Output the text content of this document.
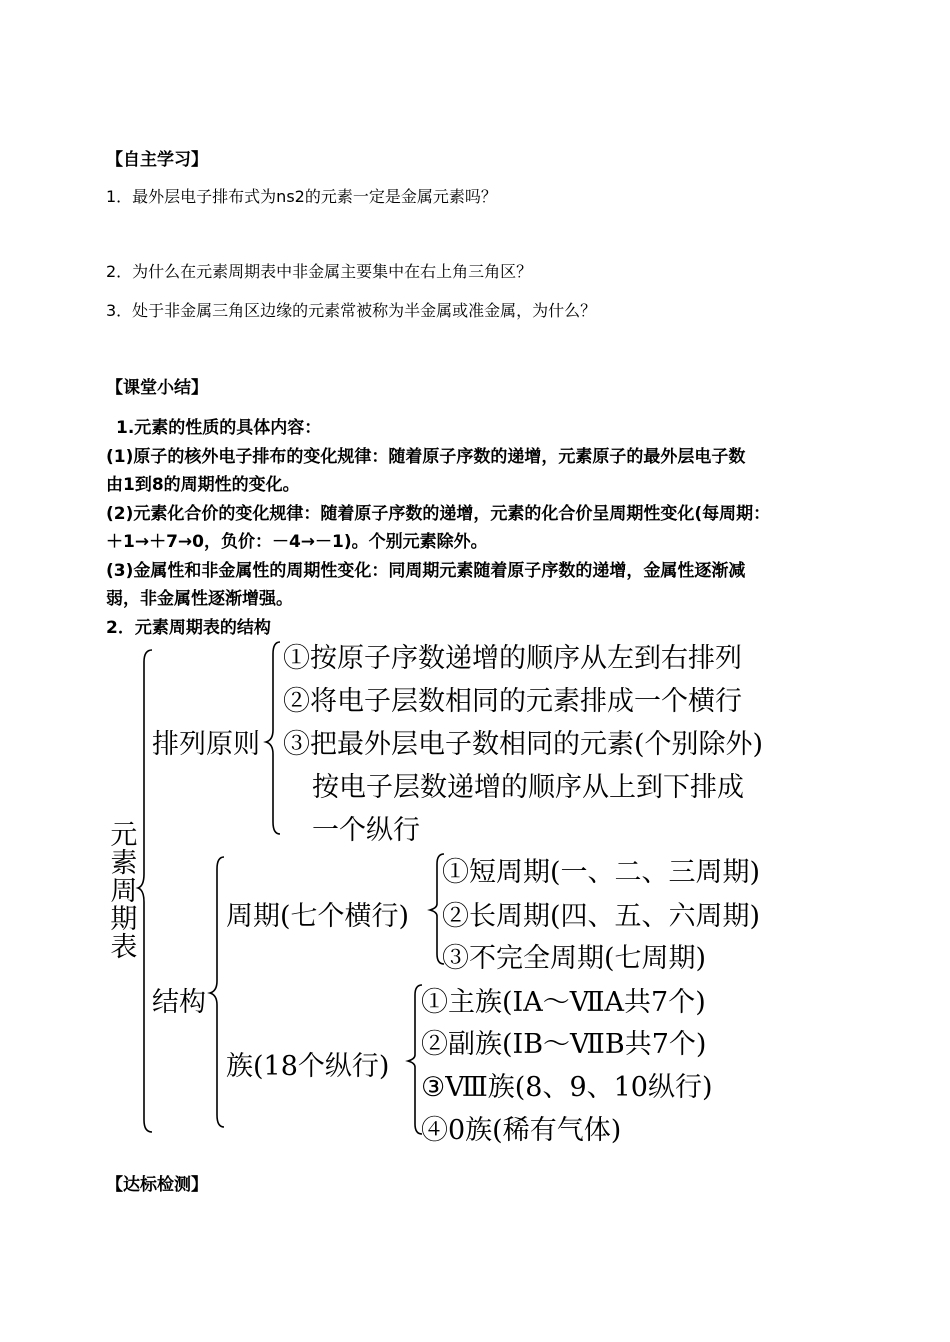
【自主学习】
1．最外层电子排布式为ns2的元素一定是金属元素吗？
2．为什么在元素周期表中非金属主要集中在右上角三角区？
3．处于非金属三角区边缘的元素常被称为半金属或准金属，为什么？
【课堂小结】
1.元素的性质的具体内容：
(1)原子的核外电子排布的变化规律：随着原子序数的递增，元素原子的最外层电子数
由1到8的周期性的变化。
(2)元素化合价的变化规律：随着原子序数的递增，元素的化合价呈周期性变化(每周期：
＋1→＋7→0，负价：－4→－1)。个别元素除外。
(3)金属性和非金属性的周期性变化：同周期元素随着原子序数的递增，金属性逐渐减
弱，非金属性逐渐增强。
2．元素周期表的结构
元素周期表
排列原则
①按原子序数递增的顺序从左到右排列
②将电子层数相同的元素排成一个横行
③把最外层电子数相同的元素(个别除外)
按电子层数递增的顺序从上到下排成
一个纵行
结构
周期(七个横行)
①短周期(一、二、三周期)
②长周期(四、五、六周期)
③不完全周期(七周期)
族(18个纵行)
①主族(ⅠA～ⅦA共7个)
②副族(ⅠB～ⅦB共7个)
③Ⅷ族(8、9、10纵行)
④0族(稀有气体)
【达标检测】
